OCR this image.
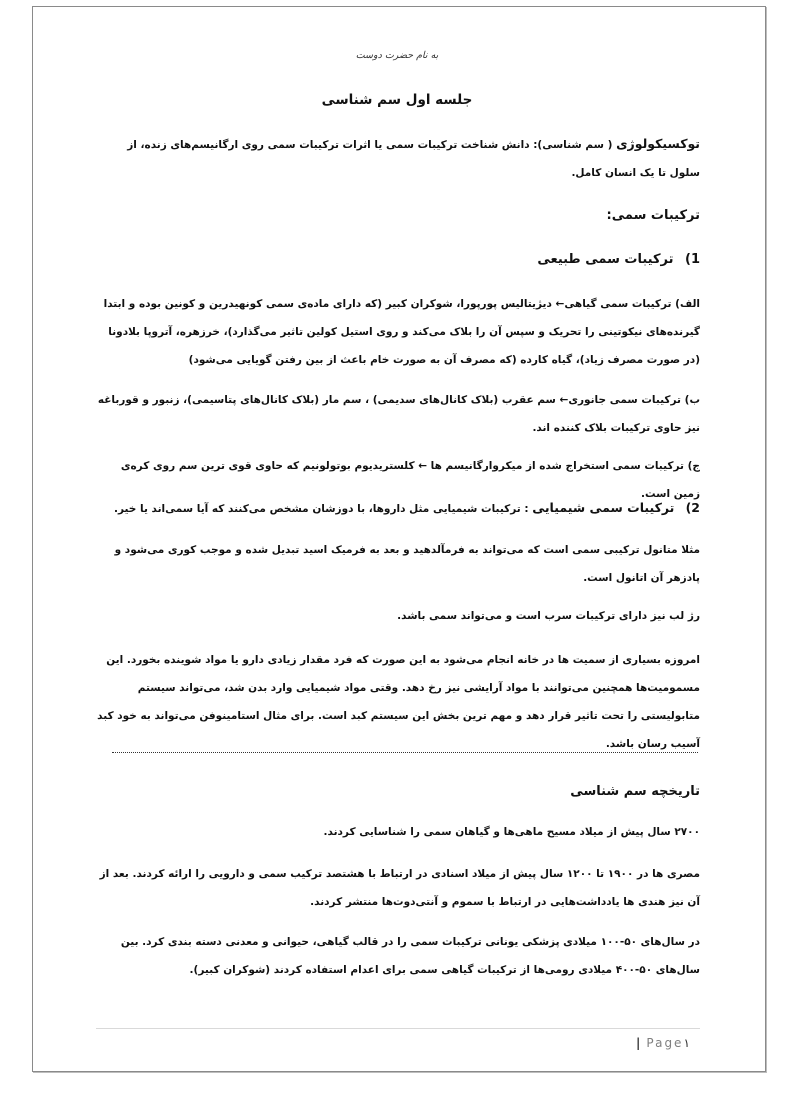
به نام حضرت دوست
جلسه اول سم شناسی
توکسیکولوژی ( سم شناسی): دانش شناخت ترکیبات سمی یا اثرات ترکیبات سمی روی ارگانیسم‌های زنده، از سلول تا یک انسان کامل.
ترکیبات سمی:
1) ترکیبات سمی طبیعی
الف) ترکیبات سمی گیاهی← دیژیتالیس پورپورا، شوکران کبیر (که دارای ماده‌ی سمی کونهیدرین و کونین بوده و ابتدا گیرنده‌های نیکوتینی را تحریک و سپس آن را بلاک می‌کند و روی استیل کولین تاثیر می‌گذارد)، خرزهره، آتروپا بلادونا (در صورت مصرف زیاد)، گیاه کارده (که مصرف آن به صورت خام باعث از بین رفتن گویایی می‌شود)
ب) ترکیبات سمی جانوری← سم عقرب (بلاک کانال‌های سدیمی) ، سم مار (بلاک کانال‌های پتاسیمی)، زنبور و قورباغه نیز حاوی ترکیبات بلاک کننده اند.
ج) ترکیبات سمی استخراج شده از میکروارگانیسم ها ← کلستریدیوم بوتولونیم که حاوی قوی ترین سم روی کره‌ی زمین است.
2) ترکیبات سمی شیمیایی : ترکیبات شیمیایی مثل داروها، با دوزشان مشخص می‌کنند که آیا سمی‌اند یا خیر.
مثلا متانول ترکیبی سمی است که می‌تواند به فرمآلدهید و بعد به فرمیک اسید تبدیل شده و موجب کوری می‌شود و پادزهر آن اتانول است.
رژ لب نیز دارای ترکیبات سرب است و می‌تواند سمی باشد.
امروزه بسیاری از سمیت ها در خانه انجام می‌شود به این صورت که فرد مقدار زیادی دارو یا مواد شوینده بخورد. این مسمومیت‌ها همچنین می‌توانند با مواد آرایشی نیز رخ دهد. وقتی مواد شیمیایی وارد بدن شد، می‌تواند سیستم متابولیستی را تحت تاثیر قرار دهد و مهم ترین بخش این سیستم کبد است. برای مثال استامینوفن می‌تواند به خود کبد آسیب رسان باشد.
تاریخچه سم شناسی
۲۷۰۰ سال پیش از میلاد مسیح ماهی‌ها و گیاهان سمی را شناسایی کردند.
مصری ها در ۱۹۰۰ تا ۱۲۰۰ سال پیش از میلاد اسنادی در ارتباط با هشتصد ترکیب سمی و دارویی را ارائه کردند. بعد از آن نیز هندی ها یادداشت‌هایی در ارتباط با سموم و آنتی‌دوت‌ها منتشر کردند.
در سال‌های ۵۰-۱۰۰ میلادی پزشکی یونانی ترکیبات سمی را در قالب گیاهی، حیوانی و معدنی دسته بندی کرد. بین سال‌های ۵۰-۴۰۰ میلادی رومی‌ها از ترکیبات گیاهی سمی برای اعدام استفاده کردند (شوکران کبیر).
| Page۱
